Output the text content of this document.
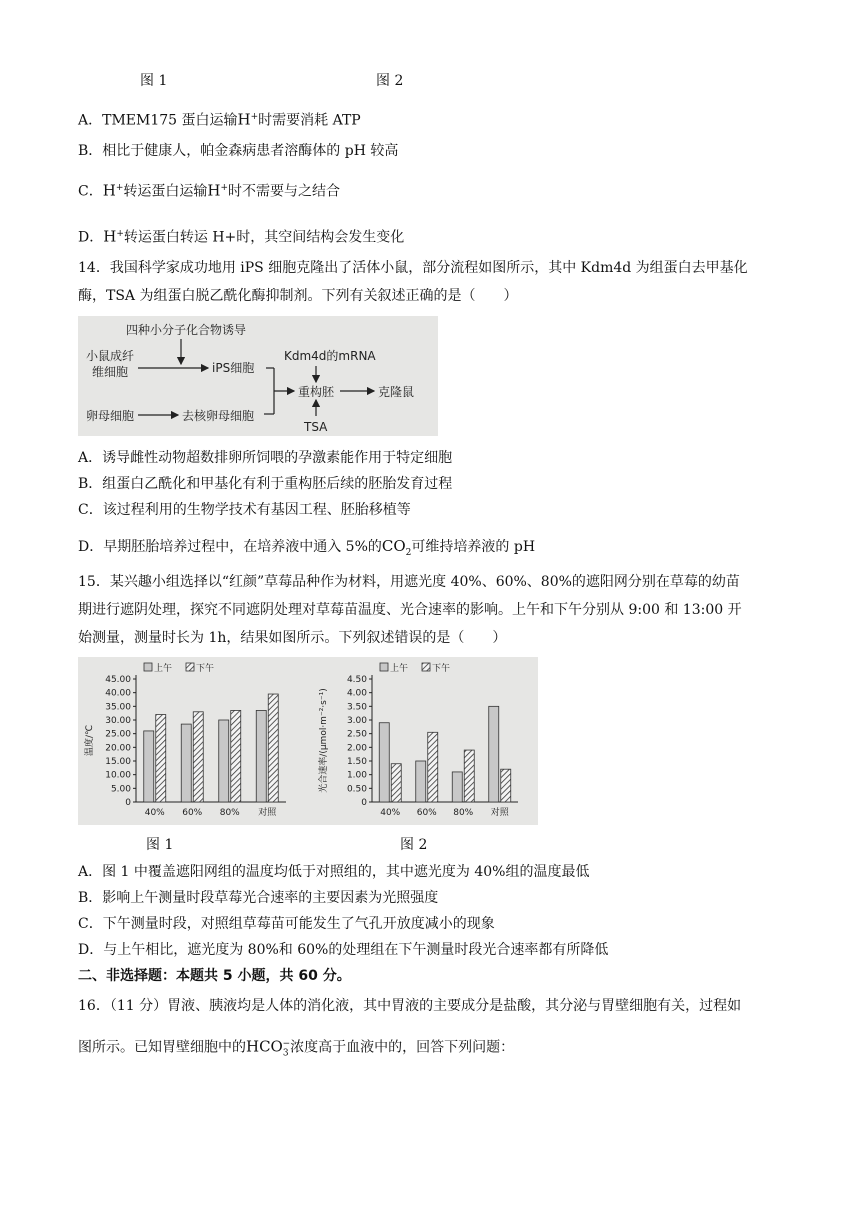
图 1	图 2
A．TMEM175 蛋白运输H+时需要消耗 ATP
B．相比于健康人，帕金森病患者溶酶体的 pH 较高
C．H+转运蛋白运输H+时不需要与之结合
D．H+转运蛋白转运 H+时，其空间结构会发生变化
14．我国科学家成功地用 iPS 细胞克隆出了活体小鼠，部分流程如图所示，其中 Kdm4d 为组蛋白去甲基化
酶，TSA 为组蛋白脱乙酰化酶抑制剂。下列有关叙述正确的是（　　）
四种小分子化合物诱导
小鼠成纤
维细胞	iPS细胞
Kdm4d的mRNA
重构胚	克隆鼠
卵母细胞	去核卵母细胞
TSA
A．诱导雌性动物超数排卵所饲喂的孕激素能作用于特定细胞
B．组蛋白乙酰化和甲基化有利于重构胚后续的胚胎发育过程
C．该过程利用的生物学技术有基因工程、胚胎移植等
D．早期胚胎培养过程中，在培养液中通入 5%的$CO_2$可维持培养液的 pH
15．某兴趣小组选择以“红颜”草莓品种作为材料，用遮光度 40%、60%、80%的遮阳网分别在草莓的幼苗
期进行遮阴处理，探究不同遮阴处理对草莓苗温度、光合速率的影响。上午和下午分别从 9:00 和 13:00 开
始测量，测量时长为 1h，结果如图所示。下列叙述错误的是（　　）
0
5.00
10.00
15.00
20.00
25.00
30.00
35.00
40.00
45.00
温度/℃
40% 60% 80% 对照
上午	下午
0
0.50
1.00
1.50
2.00
2.50
3.00
3.50
4.00
4.50
光合速率/(μmol·m⁻²·s⁻¹)
40% 60% 80% 对照
上午	下午
图 1	图 2
A．图 1 中覆盖遮阳网组的温度均低于对照组的，其中遮光度为 40%组的温度最低
B．影响上午测量时段草莓光合速率的主要因素为光照强度
C．下午测量时段，对照组草莓苗可能发生了气孔开放度减小的现象
D．与上午相比，遮光度为 80%和 60%的处理组在下午测量时段光合速率都有所降低
二、非选择题：本题共 5 小题，共 60 分。
16．（11 分）胃液、胰液均是人体的消化液，其中胃液的主要成分是盐酸，其分泌与胃壁细胞有关，过程如
图所示。已知胃壁细胞中的$HCO_3^-$浓度高于血液中的，回答下列问题：
